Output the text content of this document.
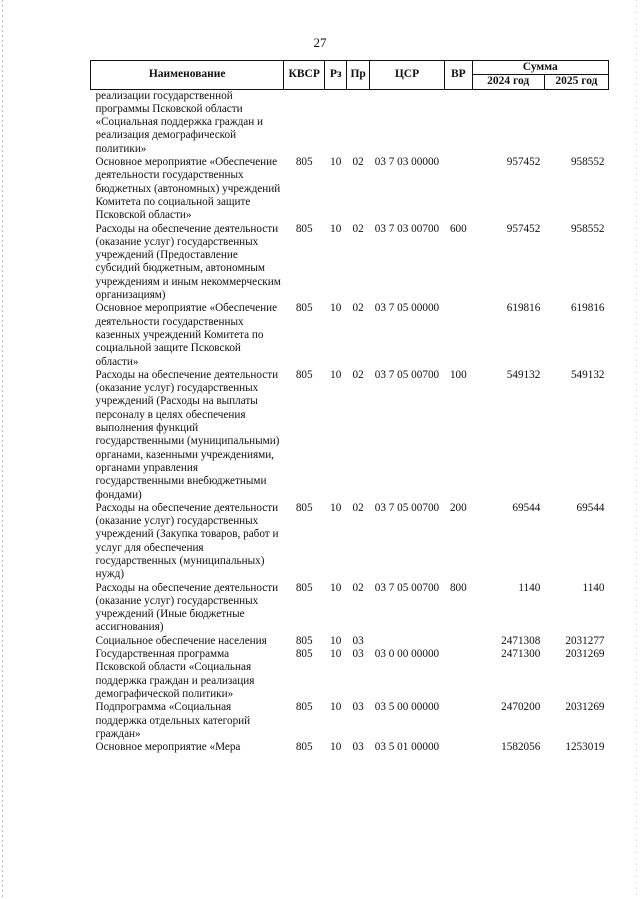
27
Наименование	КВСР	Рз	Пр	ЦСР	ВР	Сумма	
						2024 год	2025 год
реализации государственной программы Псковской области «Социальная поддержка граждан и реализация демографической политики»							
Основное мероприятие «Обеспечение деятельности государственных бюджетных (автономных) учреждений Комитета по социальной защите Псковской области»	805	10	02	03 7 03 00000		957452	958552
Расходы на обеспечение деятельности (оказание услуг) государственных учреждений (Предоставление субсидий бюджетным, автономным учреждениям и иным некоммерческим организациям)	805	10	02	03 7 03 00700	600	957452	958552
Основное мероприятие «Обеспечение деятельности государственных казенных учреждений Комитета по социальной защите Псковской области»	805	10	02	03 7 05 00000		619816	619816
Расходы на обеспечение деятельности (оказание услуг) государственных учреждений (Расходы на выплаты персоналу в целях обеспечения выполнения функций государственными (муниципальными) органами, казенными учреждениями, органами управления государственными внебюджетными фондами)	805	10	02	03 7 05 00700	100	549132	549132
Расходы на обеспечение деятельности (оказание услуг) государственных учреждений (Закупка товаров, работ и услуг для обеспечения государственных (муниципальных) нужд)	805	10	02	03 7 05 00700	200	69544	69544
Расходы на обеспечение деятельности (оказание услуг) государственных учреждений (Иные бюджетные ассигнования)	805	10	02	03 7 05 00700	800	1140	1140
Социальное обеспечение населения	805	10	03			2471308	2031277
Государственная программа Псковской области «Социальная поддержка граждан и реализация демографической политики»	805	10	03	03 0 00 00000		2471300	2031269
Подпрограмма «Социальная поддержка отдельных категорий граждан»	805	10	03	03 5 00 00000		2470200	2031269
Основное мероприятие «Мера	805	10	03	03 5 01 00000		1582056	1253019
